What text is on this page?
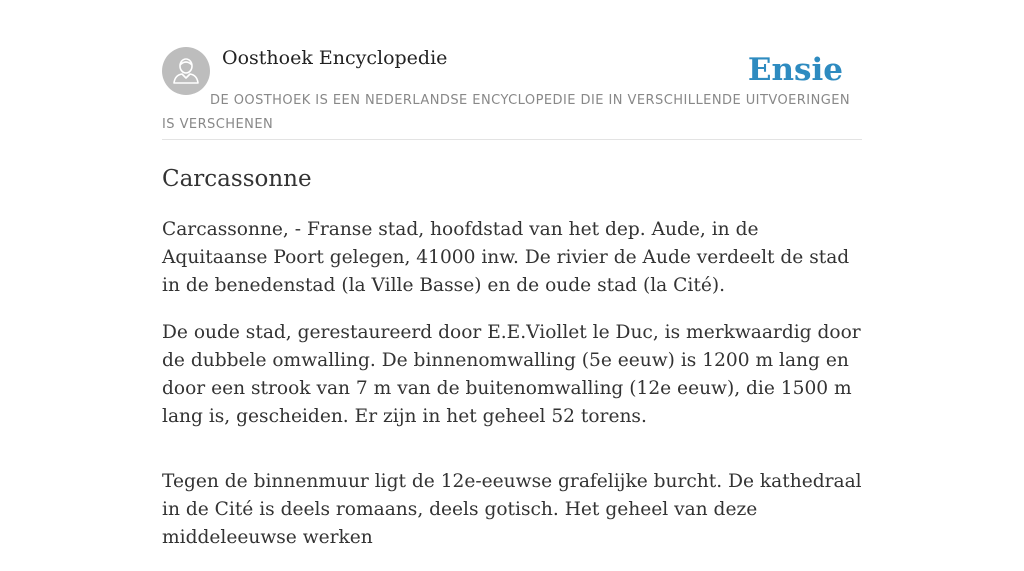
Oosthoek Encyclopedie	Ensie
DE OOSTHOEK IS EEN NEDERLANDSE ENCYCLOPEDIE DIE IN VERSCHILLENDE UITVOERINGEN IS VERSCHENEN
Carcassonne

Carcassonne, - Franse stad, hoofdstad van het dep. Aude, in de Aquitaanse Poort gelegen, 41000 inw. De rivier de Aude verdeelt de stad in de benedenstad (la Ville Basse) en de oude stad (la Cité).

De oude stad, gerestaureerd door E.E.Viollet le Duc, is merkwaardig door de dubbele omwalling. De binnenomwalling (5e eeuw) is 1200 m lang en door een strook van 7 m van de buitenomwalling (12e eeuw), die 1500 m lang is, gescheiden. Er zijn in het geheel 52 torens.

Tegen de binnenmuur ligt de 12e-eeuwse grafelijke burcht. De kathedraal in de Cité is deels romaans, deels gotisch. Het geheel van deze middeleeuwse werken
